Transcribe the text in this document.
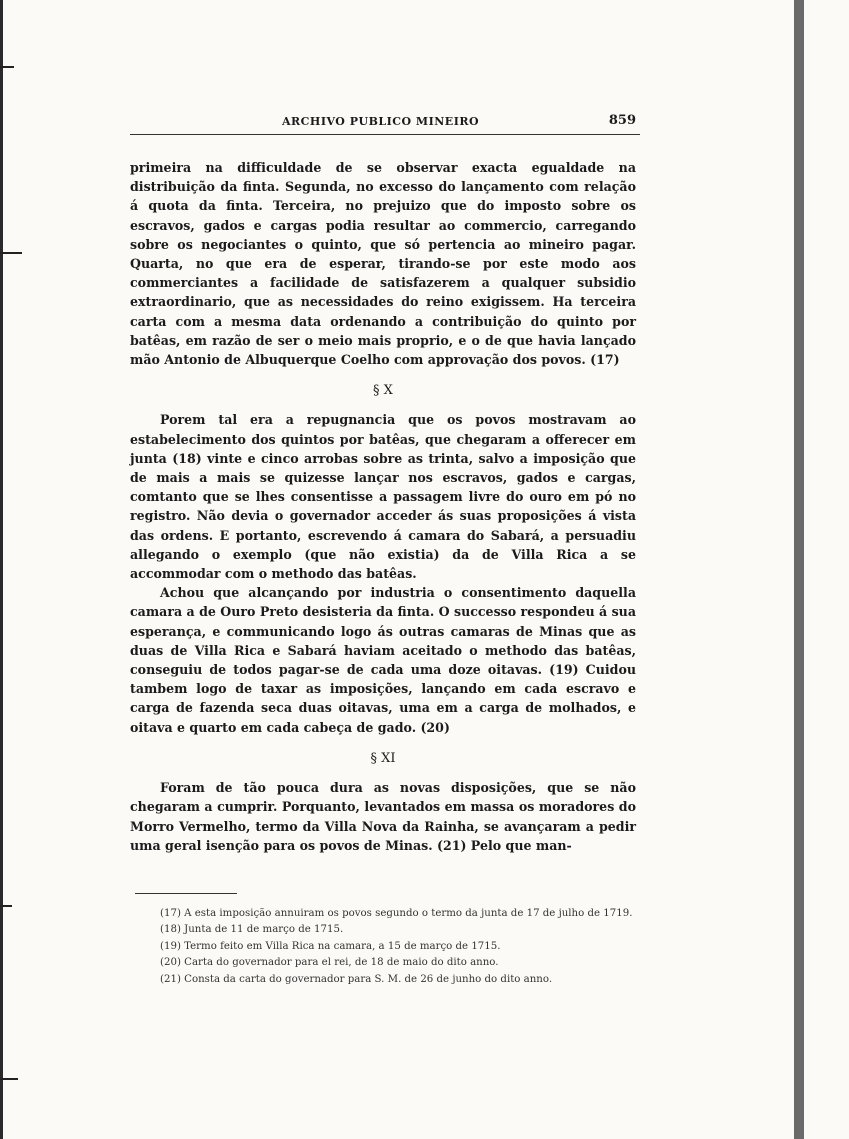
ARCHIVO PUBLICO MINEIRO	859

primeira na difficuldade de se observar exacta egualdade na distribuição da finta. Segunda, no excesso do lançamento com relação á quota da finta. Terceira, no prejuizo que do imposto sobre os escravos, gados e cargas podia resultar ao commercio, carregando sobre os negociantes o quinto, que só pertencia ao mineiro pagar. Quarta, no que era de esperar, tirando-se por este modo aos commerciantes a facilidade de satisfazerem a qualquer subsidio extraordinario, que as necessidades do reino exigissem. Ha terceira carta com a mesma data ordenando a contribuição do quinto por batêas, em razão de ser o meio mais proprio, e o de que havia lançado mão Antonio de Albuquerque Coelho com approvação dos povos. (17)

§ X

Porem tal era a repugnancia que os povos mostravam ao estabelecimento dos quintos por batêas, que chegaram a offerecer em junta (18) vinte e cinco arrobas sobre as trinta, salvo a imposição que de mais a mais se quizesse lançar nos escravos, gados e cargas, comtanto que se lhes consentisse a passagem livre do ouro em pó no registro. Não devia o governador acceder ás suas proposições á vista das ordens. E portanto, escrevendo á camara do Sabará, a persuadiu allegando o exemplo (que não existia) da de Villa Rica a se accommodar com o methodo das batêas.

Achou que alcançando por industria o consentimento daquella camara a de Ouro Preto desisteria da finta. O successo respondeu á sua esperança, e communicando logo ás outras camaras de Minas que as duas de Villa Rica e Sabará haviam aceitado o methodo das batêas, conseguiu de todos pagar-se de cada uma doze oitavas. (19) Cuidou tambem logo de taxar as imposições, lançando em cada escravo e carga de fazenda seca duas oitavas, uma em a carga de molhados, e oitava e quarto em cada cabeça de gado. (20)

§ XI

Foram de tão pouca dura as novas disposições, que se não chegaram a cumprir. Porquanto, levantados em massa os moradores do Morro Vermelho, termo da Villa Nova da Rainha, se avançaram a pedir uma geral isenção para os povos de Minas. (21) Pelo que man-

(17) A esta imposição annuiram os povos segundo o termo da junta de 17 de julho de 1719.

(18) Junta de 11 de março de 1715.

(19) Termo feito em Villa Rica na camara, a 15 de março de 1715.

(20) Carta do governador para el rei, de 18 de maio do dito anno.

(21) Consta da carta do governador para S. M. de 26 de junho do dito anno.
